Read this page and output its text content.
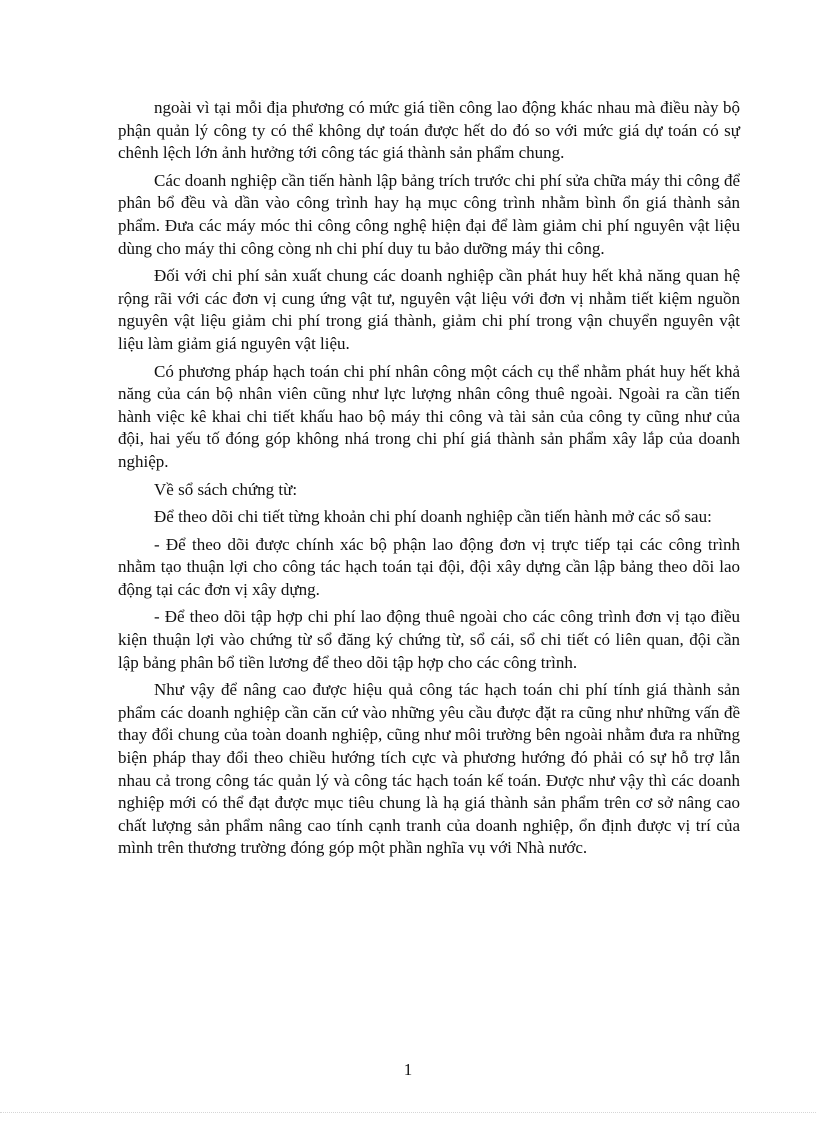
ngoài vì tại mỗi địa phương có mức giá tiền công lao động khác nhau mà điều này bộ phận quản lý công ty có thể không dự toán được hết do đó so với mức giá dự toán có sự chênh lệch lớn ảnh hưởng tới công tác giá thành sản phẩm chung.

Các doanh nghiệp cần tiến hành lập bảng trích trước chi phí sửa chữa máy thi công để phân bổ đều và dần vào công trình hay hạ mục công trình nhằm bình ổn giá thành sản phẩm. Đưa các máy móc thi công công nghệ hiện đại để làm giảm chi phí nguyên vật liệu dùng cho máy thi công còng nh chi phí duy tu bảo dưỡng máy thi công.

Đối với chi phí sản xuất chung các doanh nghiệp cần phát huy hết khả năng quan hệ rộng rãi với các đơn vị cung ứng vật tư, nguyên vật liệu với đơn vị nhằm tiết kiệm nguồn nguyên vật liệu giảm chi phí trong giá thành, giảm chi phí trong vận chuyển nguyên vật liệu làm giảm giá nguyên vật liệu.

Có phương pháp hạch toán chi phí nhân công một cách cụ thể nhằm phát huy hết khả năng của cán bộ nhân viên cũng như lực lượng nhân công thuê ngoài. Ngoài ra cần tiến hành việc kê khai chi tiết khấu hao bộ máy thi công và tài sản của công ty cũng như của đội, hai yếu tố đóng góp không nhá trong chi phí giá thành sản phẩm xây lắp của doanh nghiệp.

Về sổ sách chứng từ:

Để theo dõi chi tiết từng khoản chi phí doanh nghiệp cần tiến hành mở các sổ sau:

- Để theo dõi được chính xác bộ phận lao động đơn vị trực tiếp tại các công trình nhằm tạo thuận lợi cho công tác hạch toán tại đội, đội xây dựng cần lập bảng theo dõi lao động tại các đơn vị xây dựng.

- Để theo dõi tập hợp chi phí lao động thuê ngoài cho các công trình đơn vị tạo điều kiện thuận lợi vào chứng từ sổ đăng ký chứng từ, sổ cái, sổ chi tiết có liên quan, đội cần lập bảng phân bổ tiền lương để theo dõi tập hợp cho các công trình.

Như vậy để nâng cao được hiệu quả công tác hạch toán chi phí tính giá thành sản phẩm các doanh nghiệp cần căn cứ vào những yêu cầu được đặt ra cũng như những vấn đề thay đổi chung của toàn doanh nghiệp, cũng như môi trường bên ngoài nhằm đưa ra những biện pháp thay đổi theo chiều hướng tích cực và phương hướng đó phải có sự hỗ trợ lẫn nhau cả trong công tác quản lý và công tác hạch toán kế toán. Được như vậy thì các doanh nghiệp mới có thể đạt được mục tiêu chung là hạ giá thành sản phẩm trên cơ sở nâng cao chất lượng sản phẩm nâng cao tính cạnh tranh của doanh nghiệp, ổn định được vị trí của mình trên thương trường đóng góp một phần nghĩa vụ với Nhà nước.

1
